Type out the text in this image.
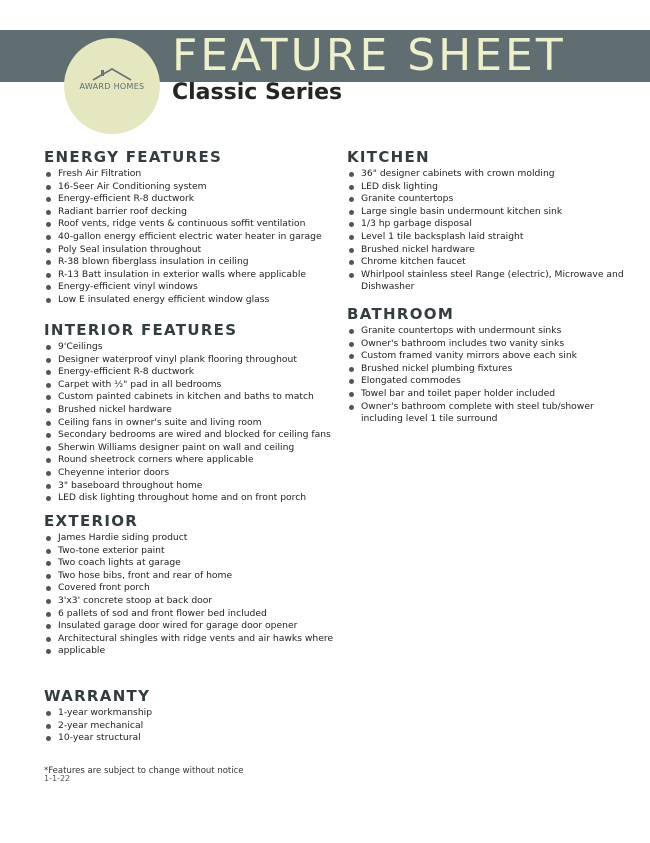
FEATURE SHEET
Classic Series
AWARD HOMES
ENERGY FEATURES
Fresh Air Filtration
16-Seer Air Conditioning system
Energy-efficient R-8 ductwork
Radiant barrier roof decking
Roof vents, ridge vents & continuous soffit ventilation
40-gallon energy efficient electric water heater in garage
Poly Seal insulation throughout
R-38 blown fiberglass insulation in ceiling
R-13 Batt insulation in exterior walls where applicable
Energy-efficient vinyl windows
Low E insulated energy efficient window glass
INTERIOR FEATURES
9'Ceilings
Designer waterproof vinyl plank flooring throughout
Energy-efficient R-8 ductwork
Carpet with ½" pad in all bedrooms
Custom painted cabinets in kitchen and baths to match
Brushed nickel hardware
Ceiling fans in owner's suite and living room
Secondary bedrooms are wired and blocked for ceiling fans
Sherwin Williams designer paint on wall and ceiling
Round sheetrock corners where applicable
Cheyenne interior doors
3" baseboard throughout home
LED disk lighting throughout home and on front porch
EXTERIOR
James Hardie siding product
Two-tone exterior paint
Two coach lights at garage
Two hose bibs, front and rear of home
Covered front porch
3'x3' concrete stoop at back door
6 pallets of sod and front flower bed included
Insulated garage door wired for garage door opener
Architectural shingles with ridge vents and air hawks where
applicable
WARRANTY
1-year workmanship
2-year mechanical
10-year structural
KITCHEN
36" designer cabinets with crown molding
LED disk lighting
Granite countertops
Large single basin undermount kitchen sink
1/3 hp garbage disposal
Level 1 tile backsplash laid straight
Brushed nickel hardware
Chrome kitchen faucet
Whirlpool stainless steel Range (electric), Microwave and Dishwasher
BATHROOM
Granite countertops with undermount sinks
Owner's bathroom includes two vanity sinks
Custom framed vanity mirrors above each sink
Brushed nickel plumbing fixtures
Elongated commodes
Towel bar and toilet paper holder included
Owner's bathroom complete with steel tub/shower including level 1 tile surround
*Features are subject to change without notice
1-1-22
